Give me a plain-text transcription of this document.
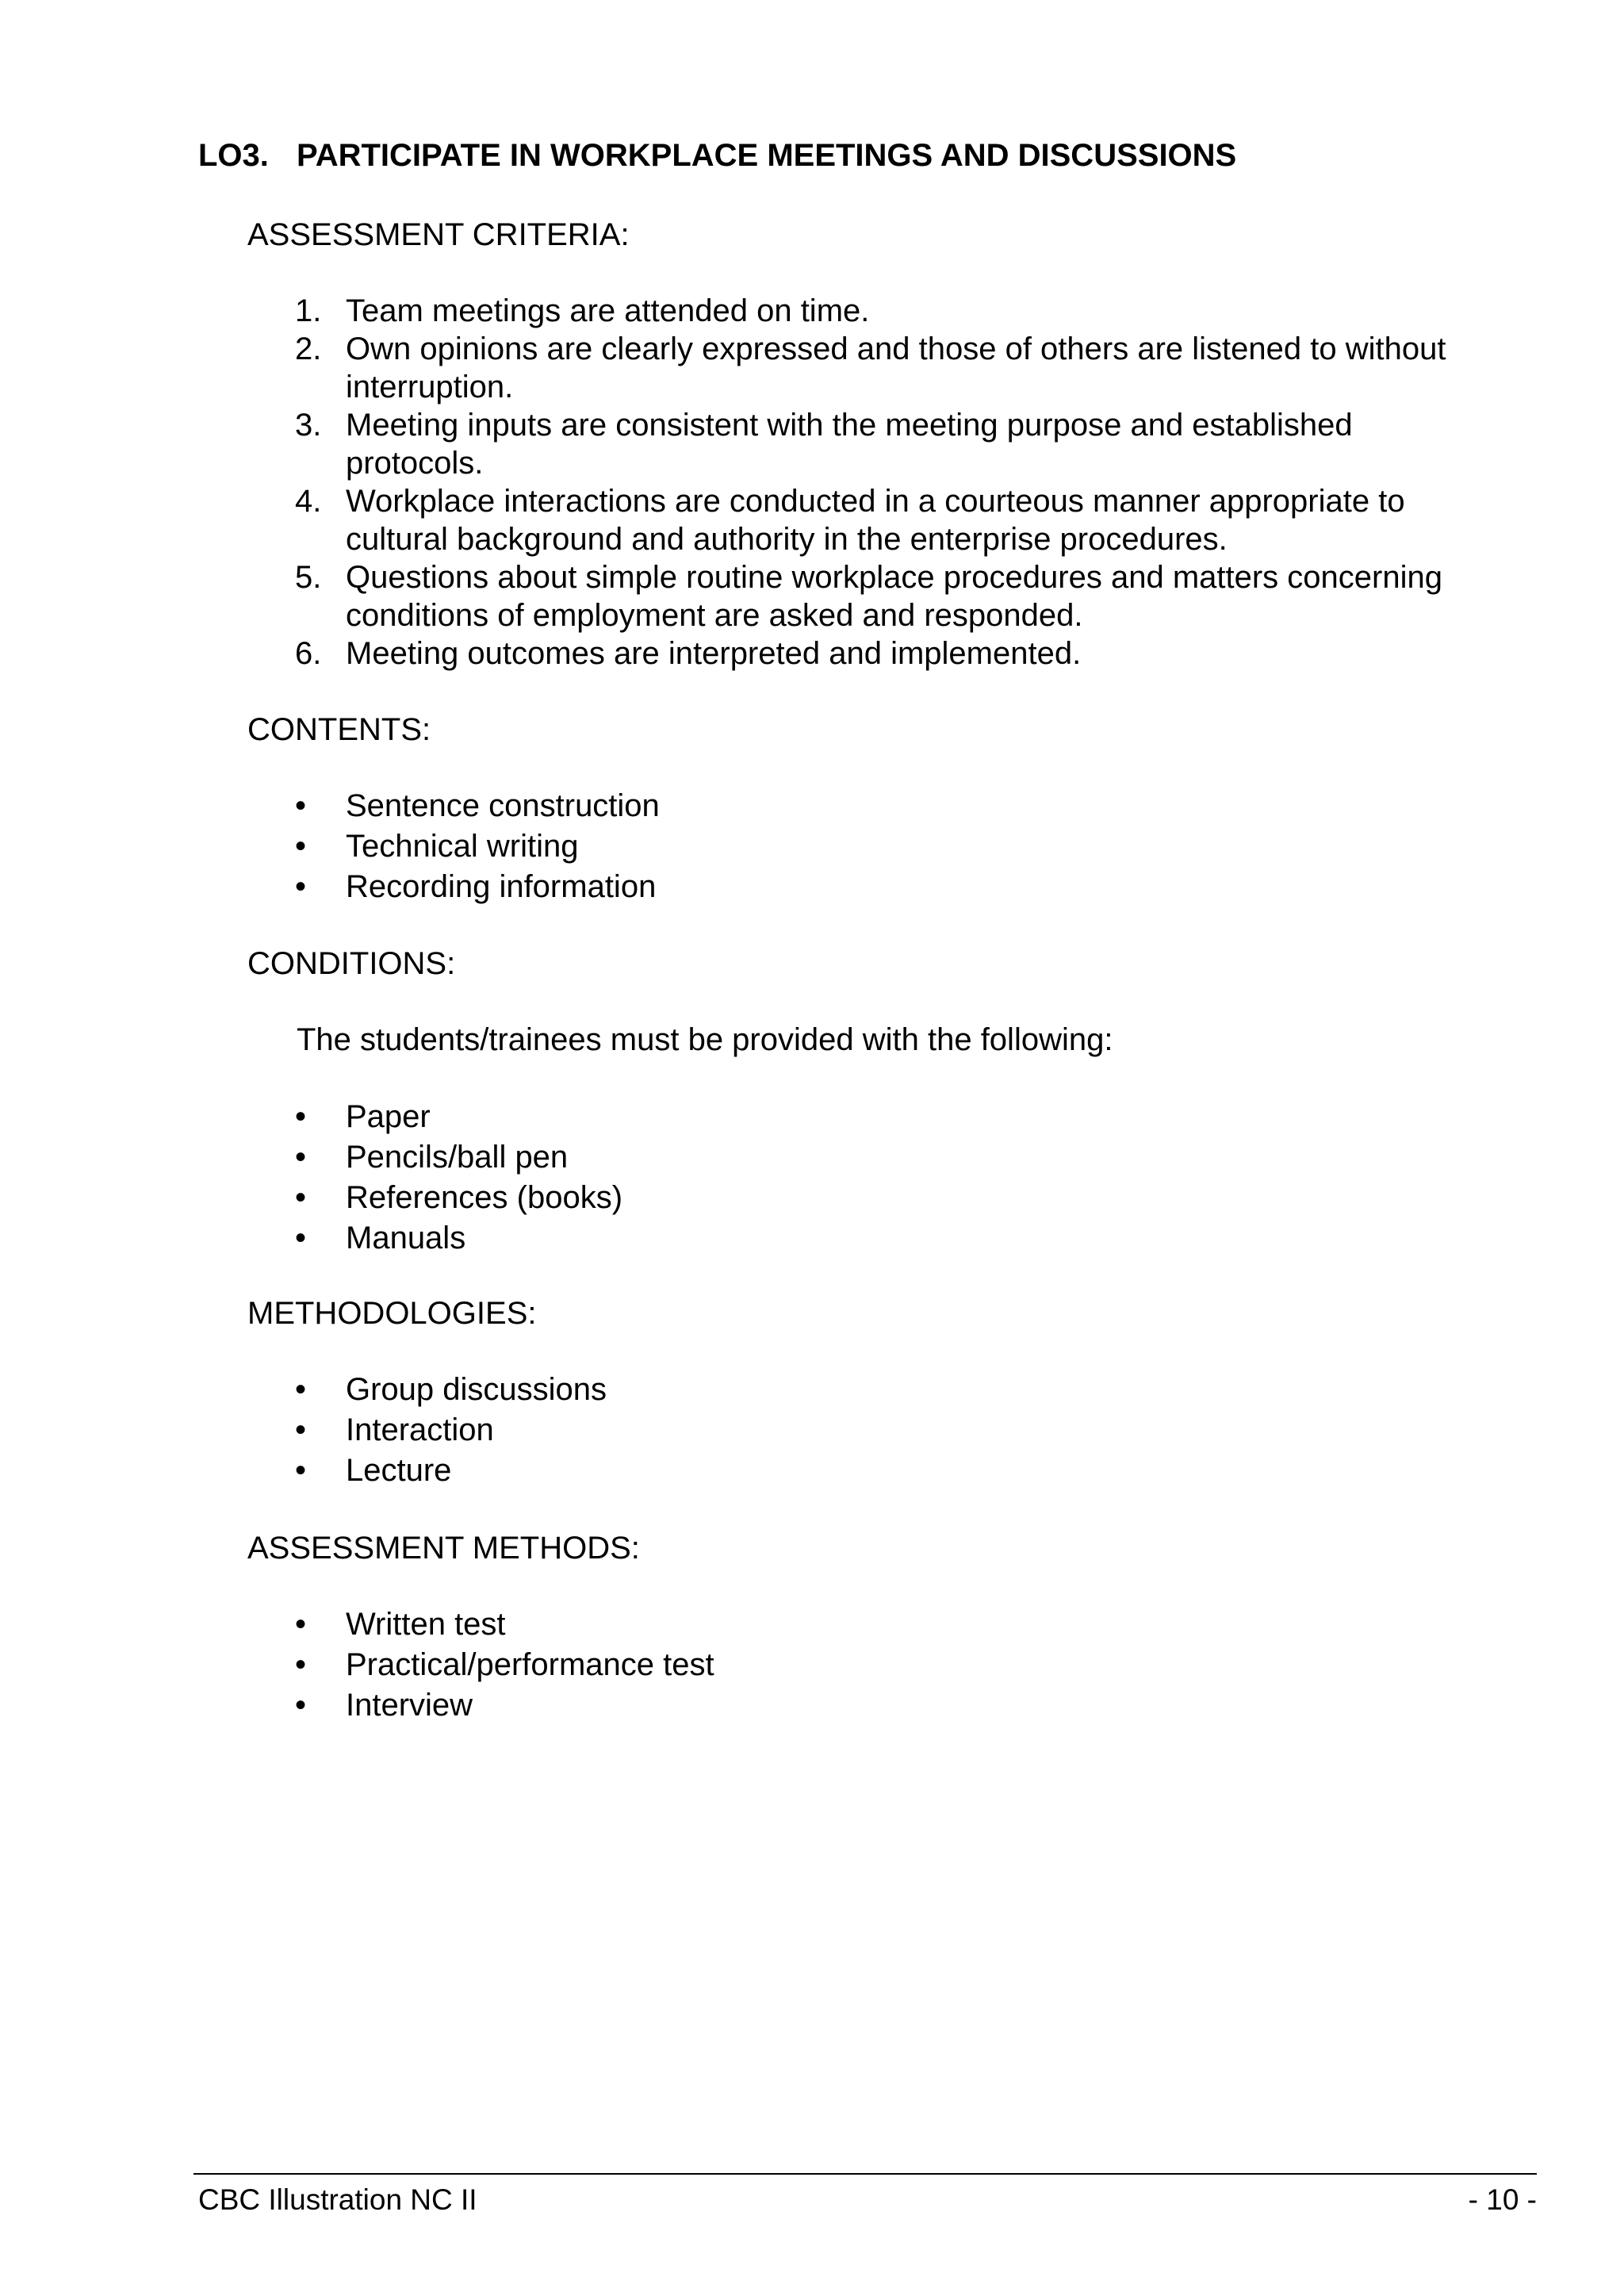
LO3. PARTICIPATE IN WORKPLACE MEETINGS AND DISCUSSIONS
ASSESSMENT CRITERIA:
1. Team meetings are attended on time.
2. Own opinions are clearly expressed and those of others are listened to without
interruption.
3. Meeting inputs are consistent with the meeting purpose and established
protocols.
4. Workplace interactions are conducted in a courteous manner appropriate to
cultural background and authority in the enterprise procedures.
5. Questions about simple routine workplace procedures and matters concerning
conditions of employment are asked and responded.
6. Meeting outcomes are interpreted and implemented.
CONTENTS:
•	Sentence construction
•	Technical writing
•	Recording information
CONDITIONS:
The students/trainees must be provided with the following:
•	Paper
•	Pencils/ball pen
•	References (books)
•	Manuals
METHODOLOGIES:
•	Group discussions
•	Interaction
•	Lecture
ASSESSMENT METHODS:
•	Written test
•	Practical/performance test
•	Interview
CBC Illustration NC II	- 10 -
